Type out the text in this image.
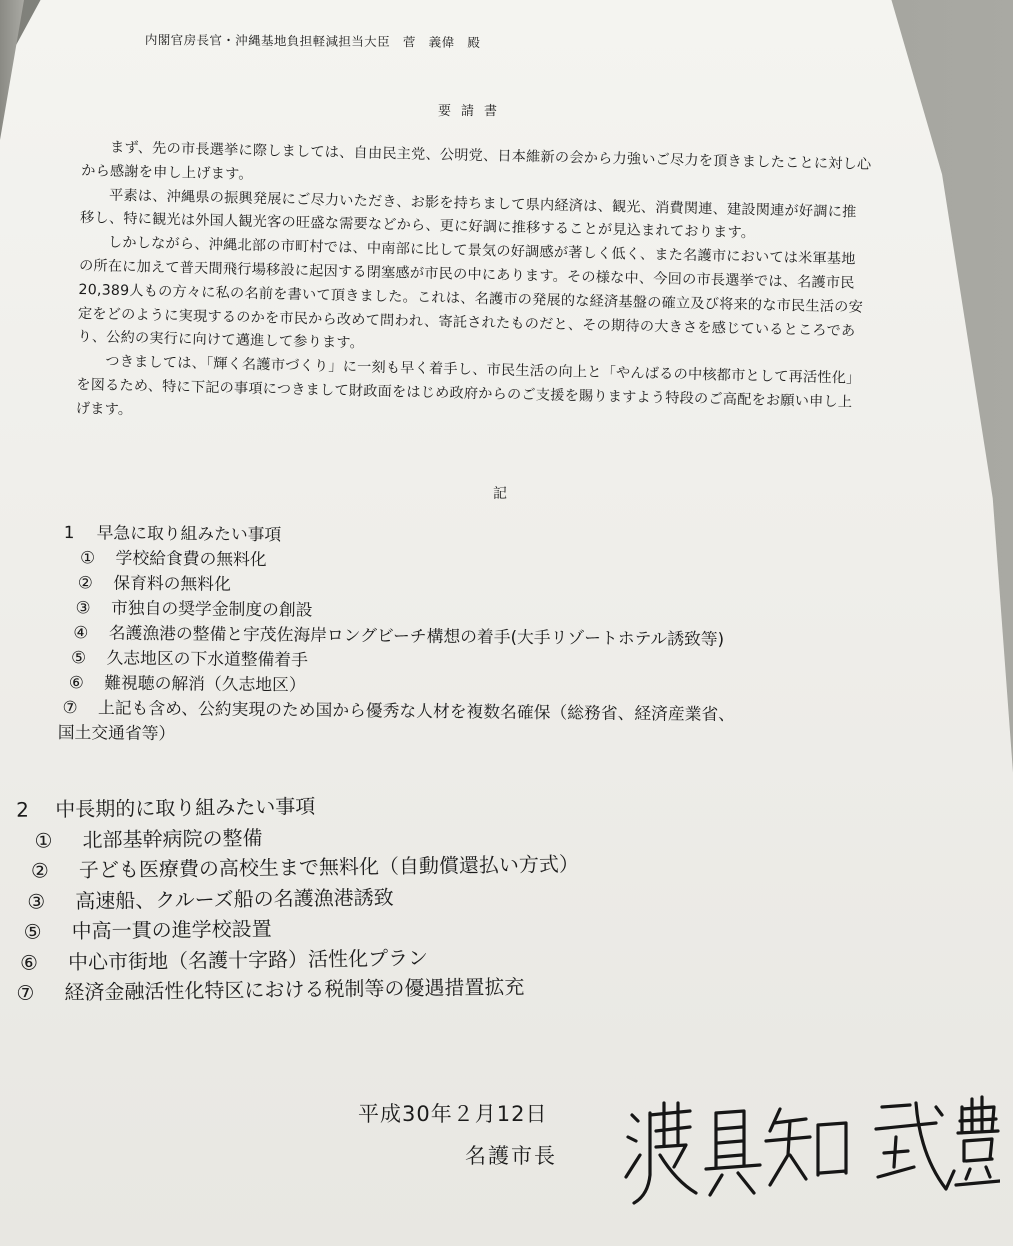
内閣官房長官・沖縄基地負担軽減担当大臣　菅　義偉　殿
要請書

まず、先の市長選挙に際しましては、自由民主党、公明党、日本維新の会から力強いご尽力を頂きましたことに対し心から感謝を申し上げます。

平素は、沖縄県の振興発展にご尽力いただき、お影を持ちまして県内経済は、観光、消費関連、建設関連が好調に推移し、特に観光は外国人観光客の旺盛な需要などから、更に好調に推移することが見込まれております。

しかしながら、沖縄北部の市町村では、中南部に比して景気の好調感が著しく低く、また名護市においては米軍基地の所在に加えて普天間飛行場移設に起因する閉塞感が市民の中にあります。その様な中、今回の市長選挙では、名護市民20,389人もの方々に私の名前を書いて頂きました。これは、名護市の発展的な経済基盤の確立及び将来的な市民生活の安定をどのように実現するのかを市民から改めて問われ、寄託されたものだと、その期待の大きさを感じているところであり、公約の実行に向けて邁進して参ります。

つきましては、「輝く名護市づくり」に一刻も早く着手し、市民生活の向上と「やんばるの中核都市として再活性化」を図るため、特に下記の事項につきまして財政面をはじめ政府からのご支援を賜りますよう特段のご高配をお願い申し上げます。

記
1　 早急に取り組みたい事項
①	学校給食費の無料化
②	保育料の無料化
③	市独自の奨学金制度の創設
④	名護漁港の整備と宇茂佐海岸ロングビーチ構想の着手(大手リゾートホテル誘致等)
⑤	久志地区の下水道整備着手
⑥	難視聴の解消（久志地区）
⑦	上記も含め、公約実現のため国から優秀な人材を複数名確保（総務省、経済産業省、
国土交通省等）
2　 中長期的に取り組みたい事項
①	北部基幹病院の整備
②	子ども医療費の高校生まで無料化（自動償還払い方式）
③	高速船、クルーズ船の名護漁港誘致
⑤	中高一貫の進学校設置
⑥	中心市街地（名護十字路）活性化プラン
⑦	経済金融活性化特区における税制等の優遇措置拡充
平成30年２月12日
名護市長
